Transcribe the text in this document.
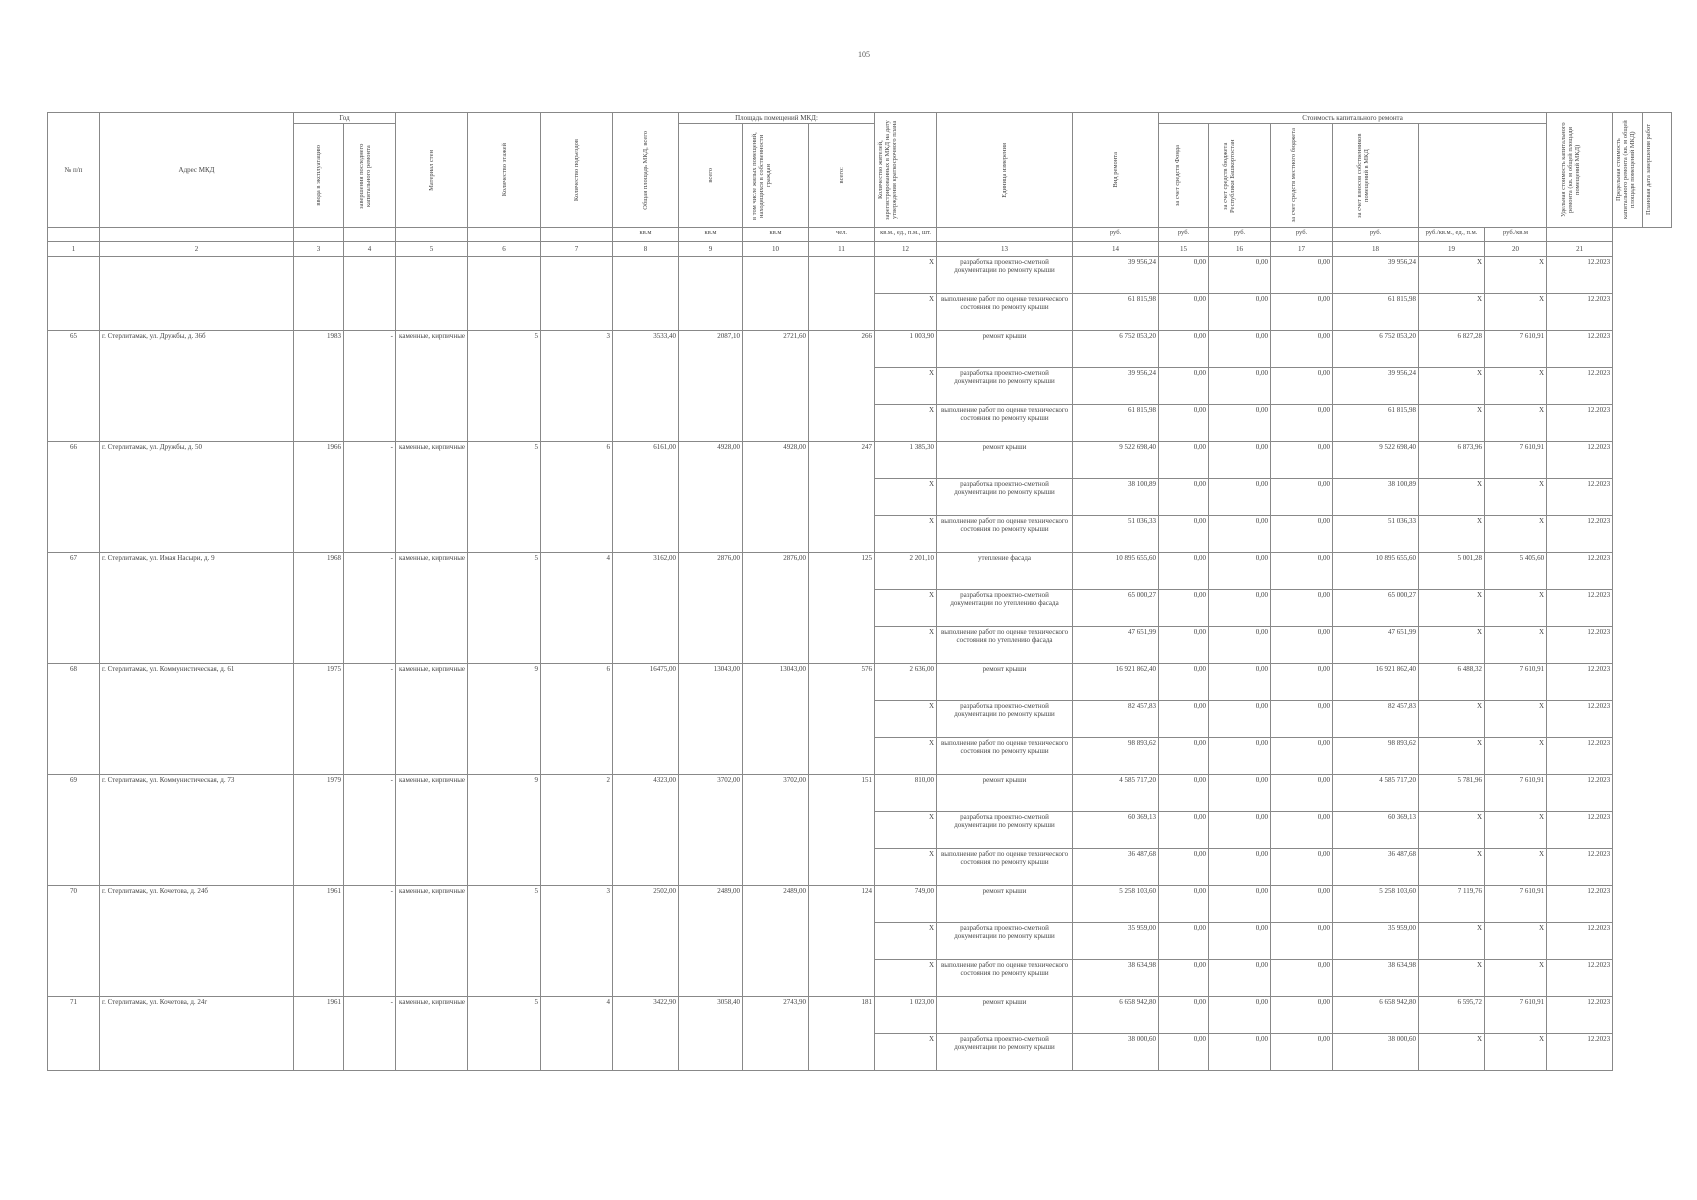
105
№ п/п	Адрес МКД	Год		Материал стен	Количество этажей	Количество подъездов	Общая площадь МКД, всего	Площадь помещений МКД:			Количество жителей, зарегистрированных в МКД на дату утверждения краткосрочного плана	Единица измерения	Вид ремонта	Стоимость капитального ремонта						Удельная стоимость капитального ремонта (кв. м общей площади помещений МКД)	Предельная стоимость капитального ремонта (кв. м общей площади помещений МКД)	Плановая дата завершения работ

		ввода в эксплуатацию	завершения последнего капитального ремонта					всего	в том числе жилых помещений, находящихся в собственности граждан	всего:				за счет средств Фонда	за счет средств бюджета Республики Башкортостан	за счет средств местного бюджета	за счет взносов собственников помещений в МКД					

							кв.м	кв.м	кв.м	чел.	кв.м., ед., п.м., шт.		руб.	руб.	руб.	руб.	руб.	руб./кв.м., ед., п.м.	руб./кв.м			
1	2	3	4	5	6	7	8	9	10	11	12	13	14	15	16	17	18	19	20	21		
											X	разработка проектно-сметной документации по ремонту крыши	39 956,24	0,00	0,00	0,00	39 956,24	X	X	12.2023		
											X	выполнение работ по оценке технического состояния по ремонту крыши	61 815,98	0,00	0,00	0,00	61 815,98	X	X	12.2023		
65	г. Стерлитамак, ул. Дружбы, д. 36б	1983	-	каменные, кирпичные	5	3	3533,40	2087,10	2721,60	266	1 003,90	ремонт крыши	6 752 053,20	0,00	0,00	0,00	6 752 053,20	6 827,28	7 610,91	12.2023		
											X	разработка проектно-сметной документации по ремонту крыши	39 956,24	0,00	0,00	0,00	39 956,24	X	X	12.2023		
											X	выполнение работ по оценке технического состояния по ремонту крыши	61 815,98	0,00	0,00	0,00	61 815,98	X	X	12.2023		
66	г. Стерлитамак, ул. Дружбы, д. 50	1966	-	каменные, кирпичные	5	6	6161,00	4928,00	4928,00	247	1 385,30	ремонт крыши	9 522 698,40	0,00	0,00	0,00	9 522 698,40	6 873,96	7 610,91	12.2023		
											X	разработка проектно-сметной документации по ремонту крыши	38 100,89	0,00	0,00	0,00	38 100,89	X	X	12.2023		
											X	выполнение работ по оценке технического состояния по ремонту крыши	51 036,33	0,00	0,00	0,00	51 036,33	X	X	12.2023		
67	г. Стерлитамак, ул. Имая Насыри, д. 9	1968	-	каменные, кирпичные	5	4	3162,00	2876,00	2876,00	125	2 201,10	утепление фасада	10 895 655,60	0,00	0,00	0,00	10 895 655,60	5 001,28	5 405,60	12.2023		
											X	разработка проектно-сметной документации по утеплению фасада	65 000,27	0,00	0,00	0,00	65 000,27	X	X	12.2023		
											X	выполнение работ по оценке технического состояния по утеплению фасада	47 651,99	0,00	0,00	0,00	47 651,99	X	X	12.2023		
68	г. Стерлитамак, ул. Коммунистическая, д. 61	1975	-	каменные, кирпичные	9	6	16475,00	13043,00	13043,00	576	2 636,00	ремонт крыши	16 921 862,40	0,00	0,00	0,00	16 921 862,40	6 488,32	7 610,91	12.2023		
											X	разработка проектно-сметной документации по ремонту крыши	82 457,83	0,00	0,00	0,00	82 457,83	X	X	12.2023		
											X	выполнение работ по оценке технического состояния по ремонту крыши	98 893,62	0,00	0,00	0,00	98 893,62	X	X	12.2023		
69	г. Стерлитамак, ул. Коммунистическая, д. 73	1979	-	каменные, кирпичные	9	2	4323,00	3702,00	3702,00	151	810,00	ремонт крыши	4 585 717,20	0,00	0,00	0,00	4 585 717,20	5 781,96	7 610,91	12.2023		
											X	разработка проектно-сметной документации по ремонту крыши	60 369,13	0,00	0,00	0,00	60 369,13	X	X	12.2023		
											X	выполнение работ по оценке технического состояния по ремонту крыши	36 487,68	0,00	0,00	0,00	36 487,68	X	X	12.2023		
70	г. Стерлитамак, ул. Кочетова, д. 24б	1961	-	каменные, кирпичные	5	3	2502,00	2489,00	2489,00	124	749,00	ремонт крыши	5 258 103,60	0,00	0,00	0,00	5 258 103,60	7 119,76	7 610,91	12.2023		
											X	разработка проектно-сметной документации по ремонту крыши	35 959,00	0,00	0,00	0,00	35 959,00	X	X	12.2023		
											X	выполнение работ по оценке технического состояния по ремонту крыши	38 634,98	0,00	0,00	0,00	38 634,98	X	X	12.2023		
71	г. Стерлитамак, ул. Кочетова, д. 24г	1961	-	каменные, кирпичные	5	4	3422,90	3058,40	2743,90	181	1 023,00	ремонт крыши	6 658 942,80	0,00	0,00	0,00	6 658 942,80	6 595,72	7 610,91	12.2023		
											X	разработка проектно-сметной документации по ремонту крыши	38 000,60	0,00	0,00	0,00	38 000,60	X	X	12.2023		
